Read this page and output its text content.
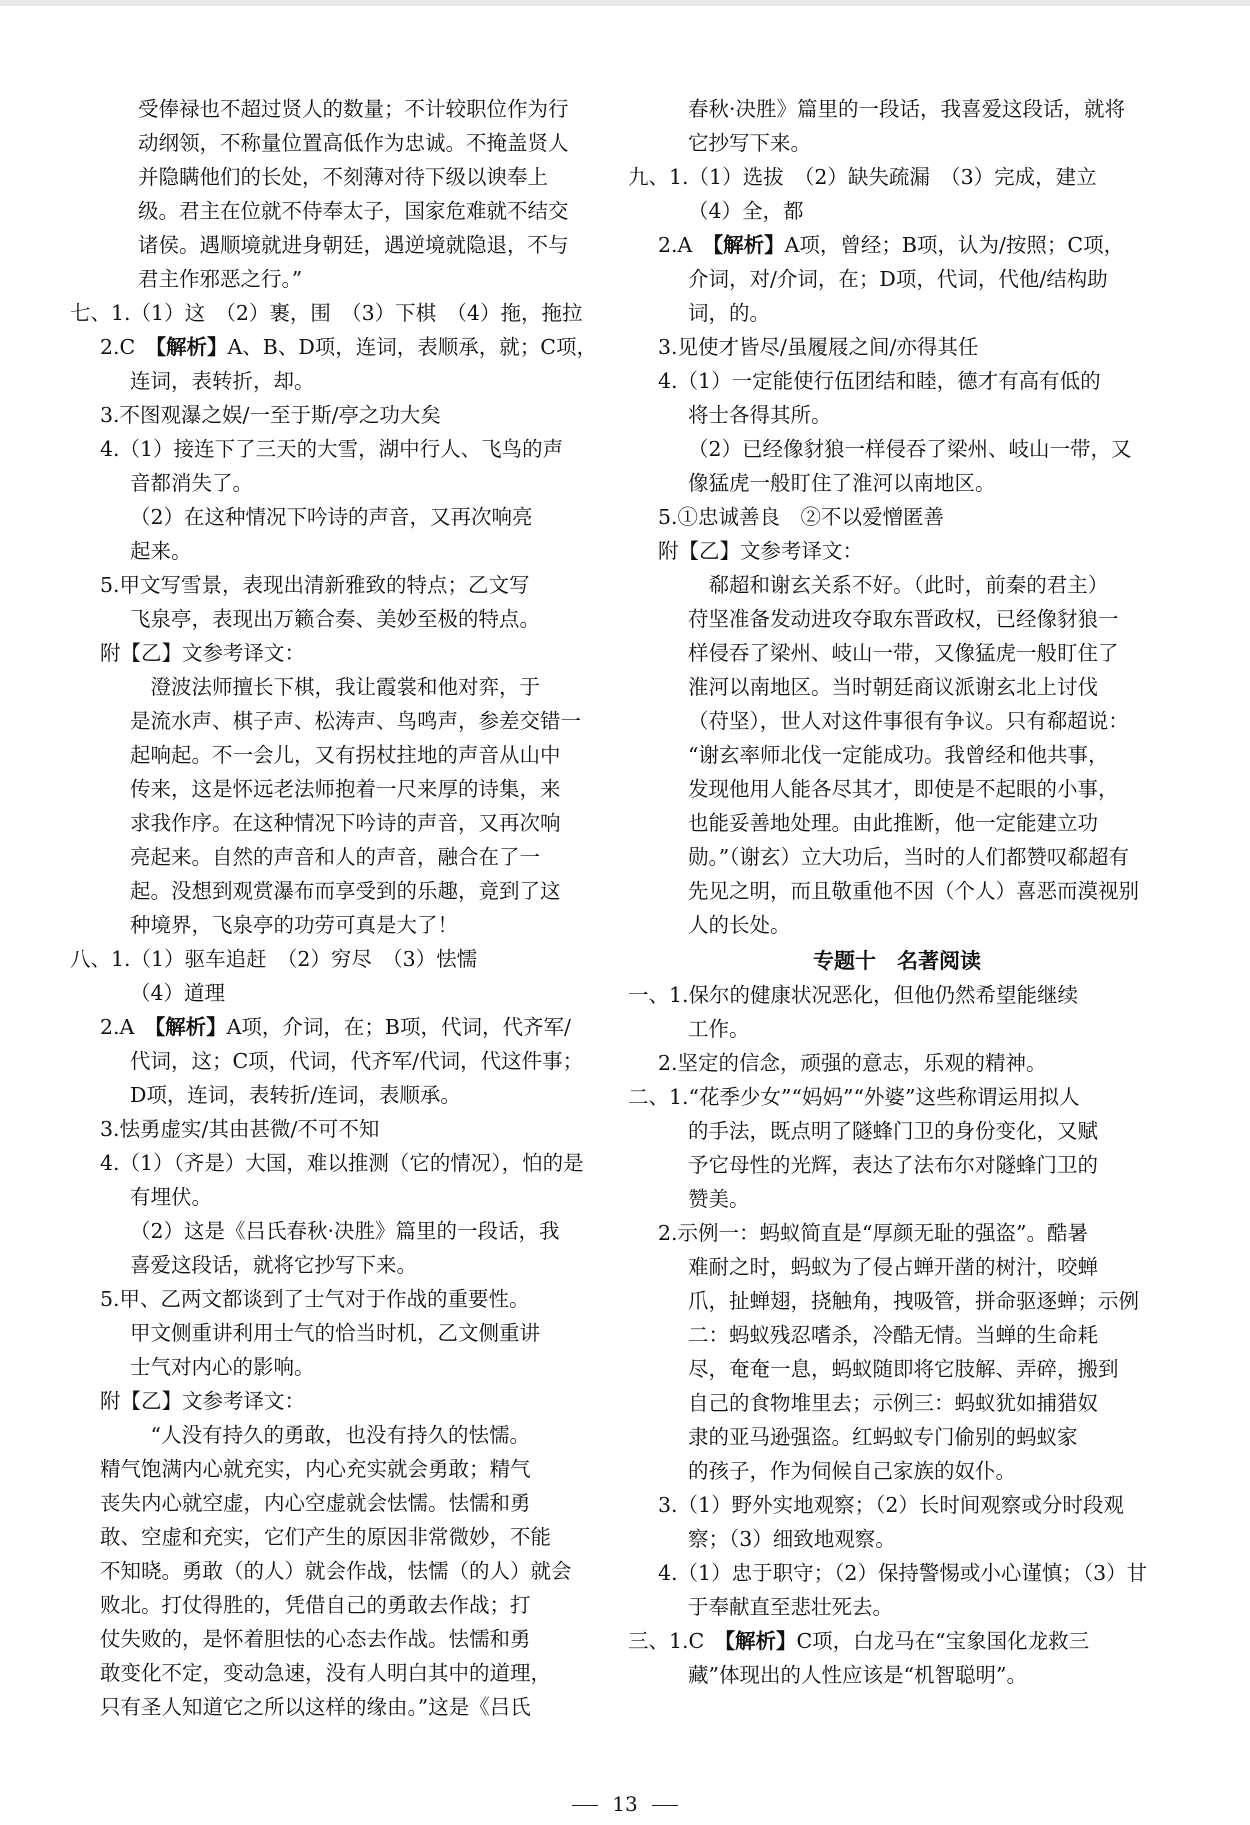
受俸禄也不超过贤人的数量；不计较职位作为行
动纲领，不称量位置高低作为忠诚。不掩盖贤人
并隐瞒他们的长处，不刻薄对待下级以谀奉上
级。君主在位就不侍奉太子，国家危难就不结交
诸侯。遇顺境就进身朝廷，遇逆境就隐退，不与
君主作邪恶之行。”
七、1.（1）这　（2）裹，围　（3）下棋　（4）拖，拖拉
2.C　【解析】A、B、D项，连词，表顺承，就；C项，
连词，表转折，却。
3.不图观瀑之娱/一至于斯/亭之功大矣
4.（1）接连下了三天的大雪，湖中行人、飞鸟的声
音都消失了。
（2）在这种情况下吟诗的声音，又再次响亮
起来。
5.甲文写雪景，表现出清新雅致的特点；乙文写
飞泉亭，表现出万籁合奏、美妙至极的特点。
附【乙】文参考译文：
　澄波法师擅长下棋，我让霞裳和他对弈，于
是流水声、棋子声、松涛声、鸟鸣声，参差交错一
起响起。不一会儿，又有拐杖拄地的声音从山中
传来，这是怀远老法师抱着一尺来厚的诗集，来
求我作序。在这种情况下吟诗的声音，又再次响
亮起来。自然的声音和人的声音，融合在了一
起。没想到观赏瀑布而享受到的乐趣，竟到了这
种境界，飞泉亭的功劳可真是大了！
八、1.（1）驱车追赶　（2）穷尽　（3）怯懦
（4）道理
2.A　【解析】A项，介词，在；B项，代词，代齐军/
代词，这；C项，代词，代齐军/代词，代这件事；
D项，连词，表转折/连词，表顺承。
3.怯勇虚实/其由甚微/不可不知
4.（1）（齐是）大国，难以推测（它的情况），怕的是
有埋伏。
（2）这是《吕氏春秋·决胜》篇里的一段话，我
喜爱这段话，就将它抄写下来。
5.甲、乙两文都谈到了士气对于作战的重要性。
甲文侧重讲利用士气的恰当时机，乙文侧重讲
士气对内心的影响。
附【乙】文参考译文：
　“人没有持久的勇敢，也没有持久的怯懦。
精气饱满内心就充实，内心充实就会勇敢；精气
丧失内心就空虚，内心空虚就会怯懦。怯懦和勇
敢、空虚和充实，它们产生的原因非常微妙，不能
不知晓。勇敢（的人）就会作战，怯懦（的人）就会
败北。打仗得胜的，凭借自己的勇敢去作战；打
仗失败的，是怀着胆怯的心态去作战。怯懦和勇
敢变化不定，变动急速，没有人明白其中的道理，
只有圣人知道它之所以这样的缘由。”这是《吕氏
春秋·决胜》篇里的一段话，我喜爱这段话，就将
它抄写下来。
九、1.（1）选拔　（2）缺失疏漏　（3）完成，建立
（4）全，都
2.A　【解析】A项，曾经；B项，认为/按照；C项，
介词，对/介词，在；D项，代词，代他/结构助
词，的。
3.见使才皆尽/虽履屐之间/亦得其任
4.（1）一定能使行伍团结和睦，德才有高有低的
将士各得其所。
（2）已经像豺狼一样侵吞了梁州、岐山一带，又
像猛虎一般盯住了淮河以南地区。
5.①忠诚善良　②不以爱憎匿善
附【乙】文参考译文：
　郗超和谢玄关系不好。（此时，前秦的君主）
苻坚准备发动进攻夺取东晋政权，已经像豺狼一
样侵吞了梁州、岐山一带，又像猛虎一般盯住了
淮河以南地区。当时朝廷商议派谢玄北上讨伐
（苻坚），世人对这件事很有争议。只有郗超说：
“谢玄率师北伐一定能成功。我曾经和他共事，
发现他用人能各尽其才，即使是不起眼的小事，
也能妥善地处理。由此推断，他一定能建立功
勋。”（谢玄）立大功后，当时的人们都赞叹郗超有
先见之明，而且敬重他不因（个人）喜恶而漠视别
人的长处。
专题十　名著阅读
一、1.保尔的健康状况恶化，但他仍然希望能继续
工作。
2.坚定的信念，顽强的意志，乐观的精神。
二、1.“花季少女”“妈妈”“外婆”这些称谓运用拟人
的手法，既点明了隧蜂门卫的身份变化，又赋
予它母性的光辉，表达了法布尔对隧蜂门卫的
赞美。
2.示例一：蚂蚁简直是“厚颜无耻的强盗”。酷暑
难耐之时，蚂蚁为了侵占蝉开凿的树汁，咬蝉
爪，扯蝉翅，挠触角，拽吸管，拼命驱逐蝉；示例
二：蚂蚁残忍嗜杀，冷酷无情。当蝉的生命耗
尽，奄奄一息，蚂蚁随即将它肢解、弄碎，搬到
自己的食物堆里去；示例三：蚂蚁犹如捕猎奴
隶的亚马逊强盗。红蚂蚁专门偷别的蚂蚁家
的孩子，作为伺候自己家族的奴仆。
3.（1）野外实地观察；（2）长时间观察或分时段观
察；（3）细致地观察。
4.（1）忠于职守；（2）保持警惕或小心谨慎；（3）甘
于奉献直至悲壮死去。
三、1.C　【解析】C项，白龙马在“宝象国化龙救三
藏”体现出的人性应该是“机智聪明”。
13
